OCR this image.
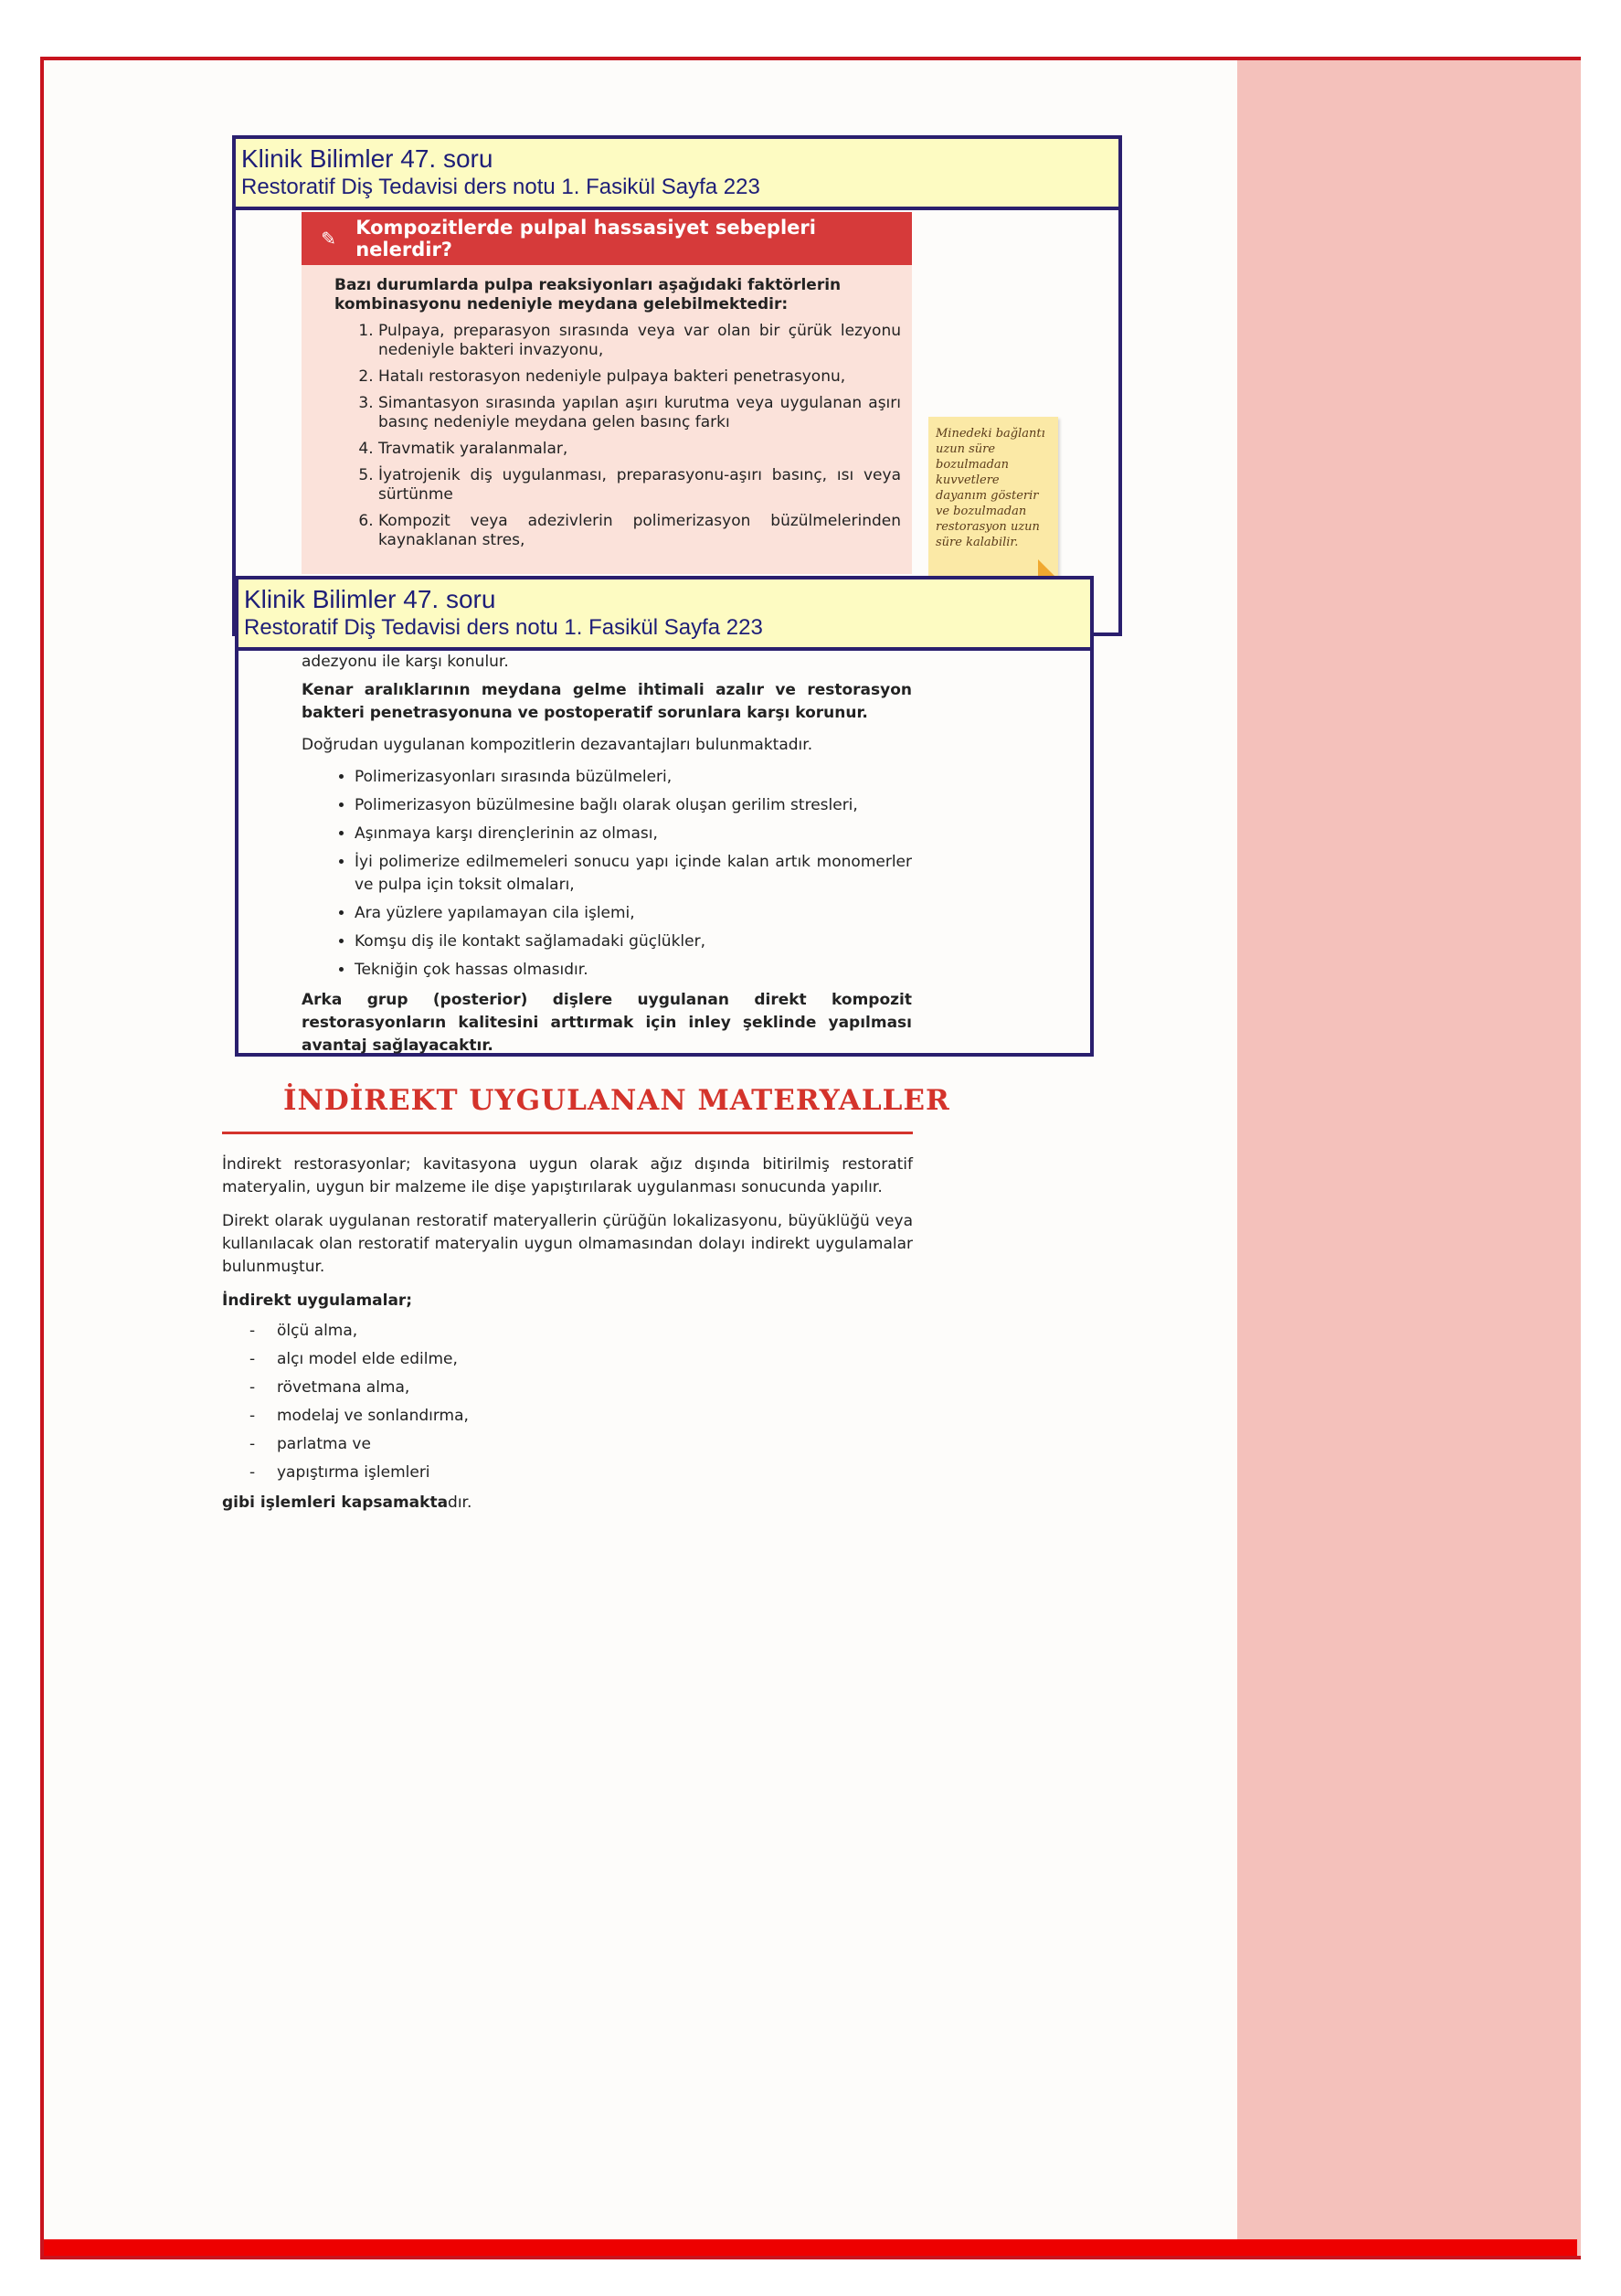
✎	Kompozitlerde pulpal hassasiyet sebepleri nelerdir?
Bazı durumlarda pulpa reaksiyonları aşağıdaki faktörlerin kombinasyonu nedeniyle meydana gelebilmektedir:
1. Pulpaya, preparasyon sırasında veya var olan bir çürük lezyonu nedeniyle bakteri invazyonu,
2. Hatalı restorasyon nedeniyle pulpaya bakteri penetrasyonu,
3. Simantasyon sırasında yapılan aşırı kurutma veya uygulanan aşırı basınç nedeniyle meydana gelen basınç farkı
4. Travmatik yaralanmalar,
5. İyatrojenik diş uygulanması, preparasyonu-aşırı basınç, ısı veya sürtünme
6. Kompozit veya adezivlerin polimerizasyon büzülmelerinden kaynaklanan stres,
Minedeki bağlantı uzun süre bozulmadan kuvvetlere dayanım gösterir ve bozulmadan restorasyon uzun süre kalabilir.
Klinik Bilimler 47. soru
Restoratif Diş Tedavisi ders notu 1. Fasikül Sayfa 223

adezyonu ile karşı konulur.

Kenar aralıklarının meydana gelme ihtimali azalır ve restorasyon bakteri penetrasyonuna ve postoperatif sorunlara karşı korunur.

Doğrudan uygulanan kompozitlerin dezavantajları bulunmaktadır.

• Polimerizasyonları sırasında büzülmeleri,
• Polimerizasyon büzülmesine bağlı olarak oluşan gerilim stresleri,
• Aşınmaya karşı dirençlerinin az olması,
• İyi polimerize edilmemeleri sonucu yapı içinde kalan artık monomerler ve pulpa için toksit olmaları,
• Ara yüzlere yapılamayan cila işlemi,
• Komşu diş ile kontakt sağlamadaki güçlükler,
• Tekniğin çok hassas olmasıdır.

Arka grup (posterior) dişlere uygulanan direkt kompozit restorasyonların kalitesini arttırmak için inley şeklinde yapılması avantaj sağlayacaktır.

Klinik Bilimler 47. soru
Restoratif Diş Tedavisi ders notu 1. Fasikül Sayfa 223
İNDİREKT UYGULANAN MATERYALLER

İndirekt restorasyonlar; kavitasyona uygun olarak ağız dışında bitirilmiş restoratif materyalin, uygun bir malzeme ile dişe yapıştırılarak uygulanması sonucunda yapılır.

Direkt olarak uygulanan restoratif materyallerin çürüğün lokalizasyonu, büyüklüğü veya kullanılacak olan restoratif materyalin uygun olmamasından dolayı indirekt uygulamalar bulunmuştur.

İndirekt uygulamalar;

- ölçü alma,
- alçı model elde edilme,
- rövetmana alma,
- modelaj ve sonlandırma,
- parlatma ve
- yapıştırma işlemleri

gibi işlemleri kapsamaktadır.
